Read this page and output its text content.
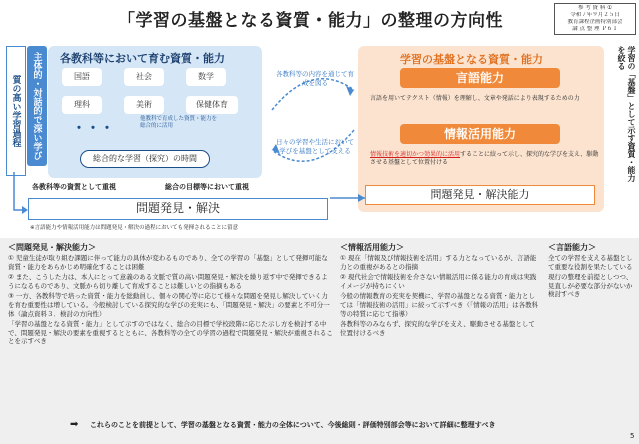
「学習の基盤となる資質・能力」の整理の方向性
参 考 資 料 ①
令和７年９月２５日
教育課程企画特別部会
論 点 整 理 Ｐ６１
質の高い学習過程	主体的・対話的で深い学び	各教科等において育む資質・能力
国語	社会	数学
理科	美術	保健体育
・・・
他教科で育成した資質・能力を総合的に活用
総合的な学習（探究）の時間
各教科等の資質として重視	総合の目標等において重視
各教科等の内容を通じて育成を図る
日々の学習や生活において学びを基盤として支える
学習の基盤となる資質・能力
言語能力
言語を用いてテクスト（情報）を理解し、文章や発話により表現するための力
情報活用能力
情報技術を適切かつ効果的に活用することに絞って示し、探究的な学びを支え、駆動させる基盤として位置付ける
問題発見・解決能力
学習の「基盤」として示す資質・能力を絞る
問題発見・解決
※言語能力や情報活用能力は問題発見・解決の過程においても発揮されることに留意
＜問題発見・解決能力＞

① 児童生徒が取り組む課題に伴って能力の具体が変わるものであり、全ての学習の「基盤」として発揮可能な資質・能力をあらかじめ明確化することは困難

② また、こうした力は、本人にとって意義のある文脈で質の高い問題発見・解決を繰り返す中で発揮できるようになるものであり、文脈から切り離して育成することは難しいとの指摘もある

③ 一方、各教科等で培った資質・能力を総動員し、個々の関心等に応じて様々な問題を発見し解決していく力を育む重要性は増している。今般検討している探究的な学びの充実にも、「問題発見・解決」の要素と不可分一体（論点資料３．検討の方向性）

「学習の基盤となる資質・能力」として示すのではなく、総合の目標で学校段階に応じた示し方を検討する中で、問題発見・解決の要素を重視するとともに、各教科等の全ての学習の過程で問題発見・解決が重視されることを示すべき

＜情報活用能力＞

① 現在「情報及び情報技術を活用」する力となっているが、言語能力との重複があるとの指摘

② 現代社会で情報技術を介さない情報活用に係る能力の育成は実践イメージが持ちにくい

今般の情報教育の充実を契機に、学習の基盤となる資質・能力としては「情報技術の活用」に絞って示すべき（「情報の活用」は各教科等の特質に応じて指導）

各教科等のみならず、探究的な学びを支え、駆動させる基盤として位置付けるべき

＜言語能力＞

全ての学習を支える基盤として重要な役割を果たしている

現行の整理を前提としつつ、見直しが必要な部分がないか検討すべき

➡ これらのことを前提として、学習の基盤となる資質・能力の全体について、今後総則・評価特別部会等において詳細に整理すべき
5
